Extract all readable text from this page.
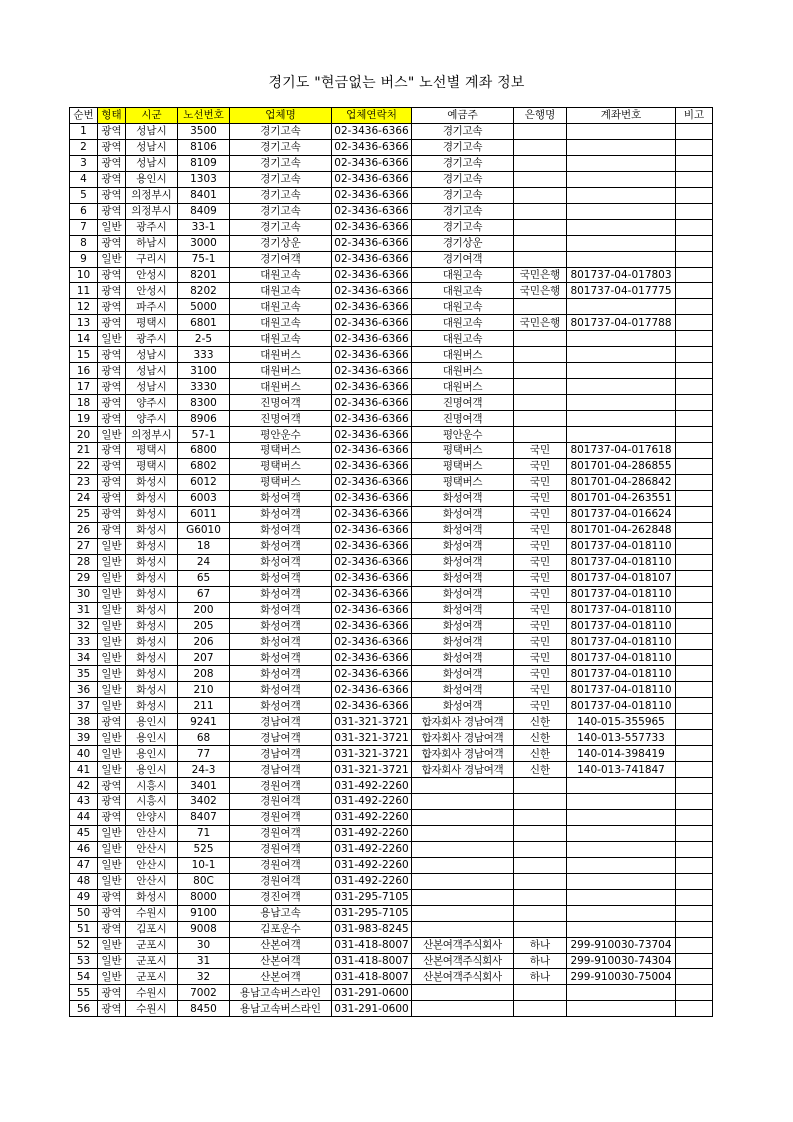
경기도 "현금없는 버스" 노선별 계좌 정보
순번	형태	시군	노선번호	업체명	업체연락처	예금주	은행명	계좌번호	비고
1	광역	성남시	3500	경기고속	02-3436-6366	경기고속			
2	광역	성남시	8106	경기고속	02-3436-6366	경기고속			
3	광역	성남시	8109	경기고속	02-3436-6366	경기고속			
4	광역	용인시	1303	경기고속	02-3436-6366	경기고속			
5	광역	의정부시	8401	경기고속	02-3436-6366	경기고속			
6	광역	의정부시	8409	경기고속	02-3436-6366	경기고속			
7	일반	광주시	33-1	경기고속	02-3436-6366	경기고속			
8	광역	하남시	3000	경기상운	02-3436-6366	경기상운			
9	일반	구리시	75-1	경기여객	02-3436-6366	경기여객			
10	광역	안성시	8201	대원고속	02-3436-6366	대원고속	국민은행	801737-04-017803	
11	광역	안성시	8202	대원고속	02-3436-6366	대원고속	국민은행	801737-04-017775	
12	광역	파주시	5000	대원고속	02-3436-6366	대원고속			
13	광역	평택시	6801	대원고속	02-3436-6366	대원고속	국민은행	801737-04-017788	
14	일반	광주시	2-5	대원고속	02-3436-6366	대원고속			
15	광역	성남시	333	대원버스	02-3436-6366	대원버스			
16	광역	성남시	3100	대원버스	02-3436-6366	대원버스			
17	광역	성남시	3330	대원버스	02-3436-6366	대원버스			
18	광역	양주시	8300	진명여객	02-3436-6366	진명여객			
19	광역	양주시	8906	진명여객	02-3436-6366	진명여객			
20	일반	의정부시	57-1	평안운수	02-3436-6366	평안운수			
21	광역	평택시	6800	평택버스	02-3436-6366	평택버스	국민	801737-04-017618	
22	광역	평택시	6802	평택버스	02-3436-6366	평택버스	국민	801701-04-286855	
23	광역	화성시	6012	평택버스	02-3436-6366	평택버스	국민	801701-04-286842	
24	광역	화성시	6003	화성여객	02-3436-6366	화성여객	국민	801701-04-263551	
25	광역	화성시	6011	화성여객	02-3436-6366	화성여객	국민	801737-04-016624	
26	광역	화성시	G6010	화성여객	02-3436-6366	화성여객	국민	801701-04-262848	
27	일반	화성시	18	화성여객	02-3436-6366	화성여객	국민	801737-04-018110	
28	일반	화성시	24	화성여객	02-3436-6366	화성여객	국민	801737-04-018110	
29	일반	화성시	65	화성여객	02-3436-6366	화성여객	국민	801737-04-018107	
30	일반	화성시	67	화성여객	02-3436-6366	화성여객	국민	801737-04-018110	
31	일반	화성시	200	화성여객	02-3436-6366	화성여객	국민	801737-04-018110	
32	일반	화성시	205	화성여객	02-3436-6366	화성여객	국민	801737-04-018110	
33	일반	화성시	206	화성여객	02-3436-6366	화성여객	국민	801737-04-018110	
34	일반	화성시	207	화성여객	02-3436-6366	화성여객	국민	801737-04-018110	
35	일반	화성시	208	화성여객	02-3436-6366	화성여객	국민	801737-04-018110	
36	일반	화성시	210	화성여객	02-3436-6366	화성여객	국민	801737-04-018110	
37	일반	화성시	211	화성여객	02-3436-6366	화성여객	국민	801737-04-018110	
38	광역	용인시	9241	경남여객	031-321-3721	합자회사 경남여객	신한	140-015-355965	
39	일반	용인시	68	경남여객	031-321-3721	합자회사 경남여객	신한	140-013-557733	
40	일반	용인시	77	경남여객	031-321-3721	합자회사 경남여객	신한	140-014-398419	
41	일반	용인시	24-3	경남여객	031-321-3721	합자회사 경남여객	신한	140-013-741847	
42	광역	시흥시	3401	경원여객	031-492-2260				
43	광역	시흥시	3402	경원여객	031-492-2260				
44	광역	안양시	8407	경원여객	031-492-2260				
45	일반	안산시	71	경원여객	031-492-2260				
46	일반	안산시	525	경원여객	031-492-2260				
47	일반	안산시	10-1	경원여객	031-492-2260				
48	일반	안산시	80C	경원여객	031-492-2260				
49	광역	화성시	8000	경진여객	031-295-7105				
50	광역	수원시	9100	용남고속	031-295-7105				
51	광역	김포시	9008	김포운수	031-983-8245				
52	일반	군포시	30	산본여객	031-418-8007	산본여객주식회사	하나	299-910030-73704	
53	일반	군포시	31	산본여객	031-418-8007	산본여객주식회사	하나	299-910030-74304	
54	일반	군포시	32	산본여객	031-418-8007	산본여객주식회사	하나	299-910030-75004	
55	광역	수원시	7002	용남고속버스라인	031-291-0600				
56	광역	수원시	8450	용남고속버스라인	031-291-0600				
